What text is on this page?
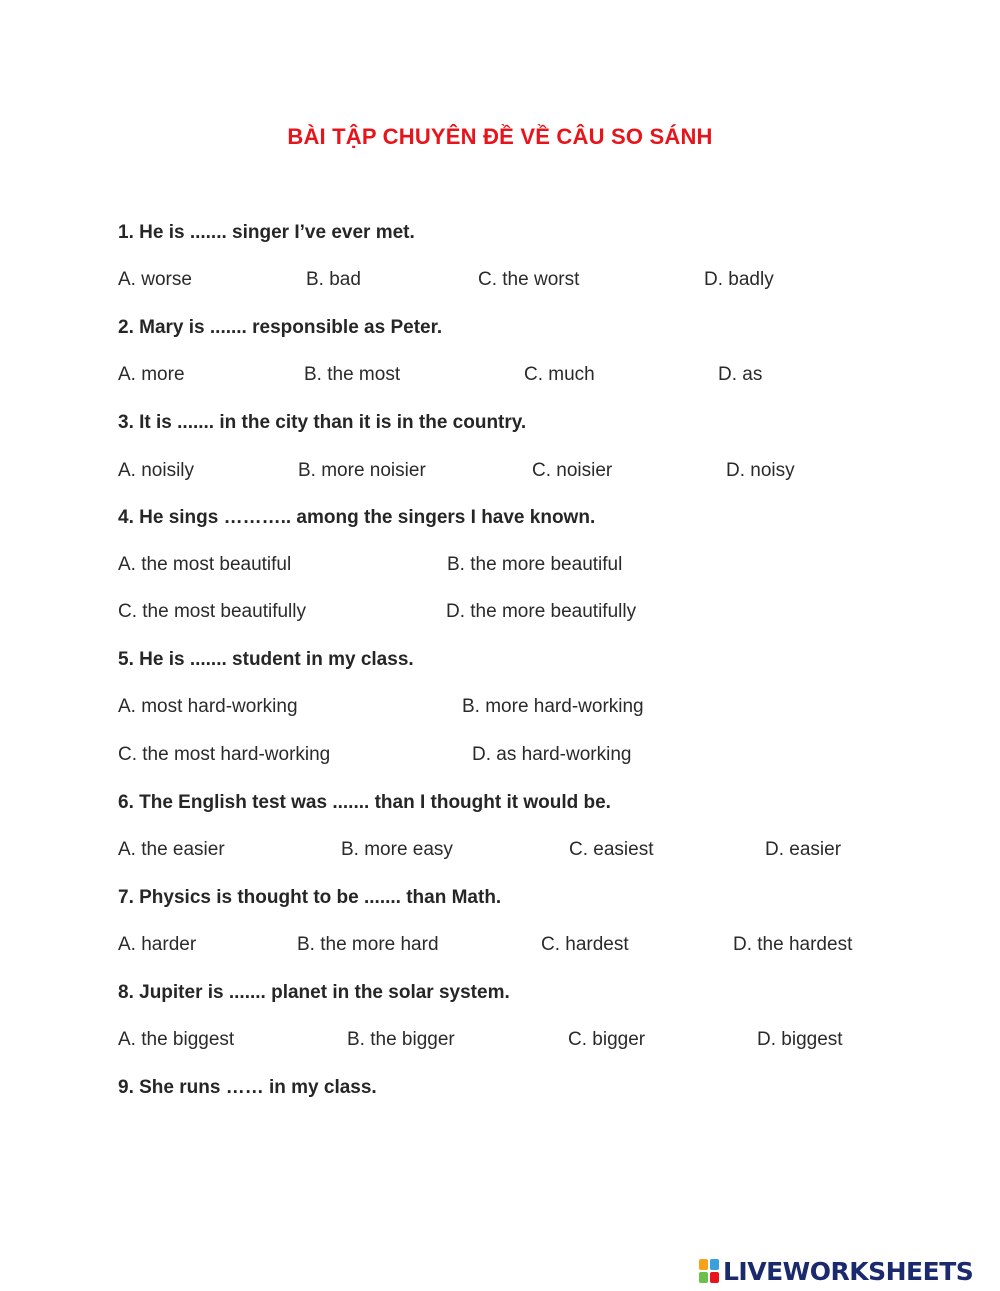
BÀI TẬP CHUYÊN ĐỀ VỀ CÂU SO SÁNH
1. He is ....... singer I’ve ever met.
A. worse	B. bad	C. the worst	D. badly
2. Mary is ....... responsible as Peter.
A. more	B. the most	C. much	D. as
3. It is ....... in the city than it is in the country.
A. noisily	B. more noisier	C. noisier	D. noisy
4. He sings ……….. among the singers I have known.
A. the most beautiful	B. the more beautiful
C. the most beautifully	D. the more beautifully
5. He is ....... student in my class.
A. most hard-working	B. more hard-working
C. the most hard-working	D. as hard-working
6. The English test was ....... than I thought it would be.
A. the easier	B. more easy	C. easiest	D. easier
7. Physics is thought to be ....... than Math.
A. harder	B. the more hard	C. hardest	D. the hardest
8. Jupiter is ....... planet in the solar system.
A. the biggest	B. the bigger	C. bigger	D. biggest
9. She runs …… in my class.
LIVEWORKSHEETS
